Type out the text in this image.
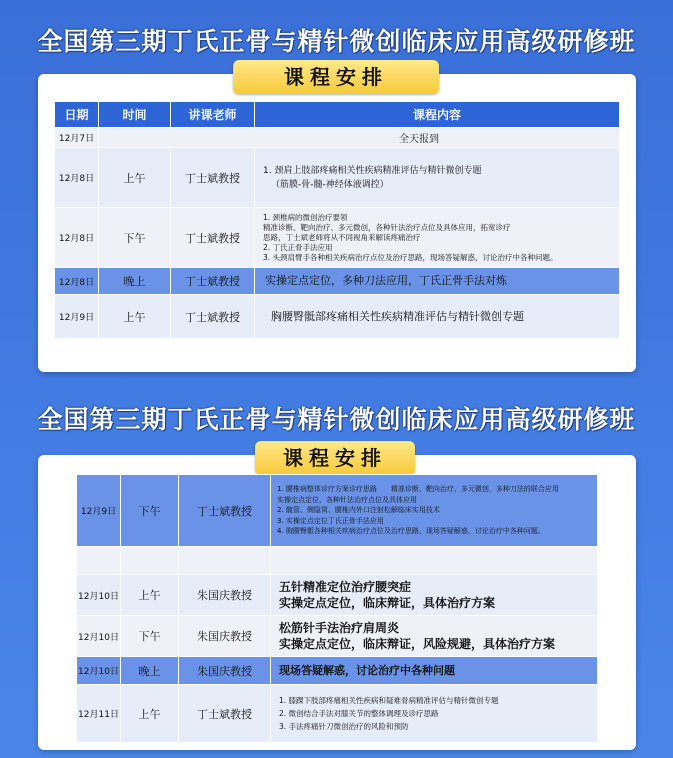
全国第三期丁氏正骨与精针微创临床应用高级研修班
课程安排
日期	时间	讲课老师	课程内容
12月7日	全天报到		
12月8日	上午	丁士斌教授	1. 颈肩上肢部疼痛相关性疾病精准评估与精针微创专题
（筋膜-骨-髓-神经体液调控）

12月8日	下午	丁士斌教授	1. 颈椎病的微创治疗要领
精准诊断、靶向治疗、多元微创，各种针法治疗点位及具体应用，拓宽诊疗
思路，丁士斌老师将从不同视角来解读疼痛治疗
2. 丁氏正骨手法应用
3. 头颈肩臂手各种相关疾病治疗点位及治疗思路，现场答疑解惑，讨论治疗中各种问题。

12月8日	晚上	丁士斌教授	实操定点定位，多种刀法应用，丁氏正骨手法对炼
12月9日	上午	丁士斌教授	胸腰臀骶部疼痛相关性疾病精准评估与精针微创专题
全国第三期丁氏正骨与精针微创临床应用高级研修班
课程安排
12月9日	下午	丁士斌教授	1. 腰椎病整体诊疗方案诊疗思路　　精准诊断、靶向治疗、多元微创，多种刀法的联合应用
实操定点定位，各种针法治疗点位及具体应用
2. 髋管、侧隐窝、腰椎内外口注射松解临床实用技术
3. 实操定点定位丁氏正骨手法应用
4. 胸腰臀骶各种相关疾病治疗点位及治疗思路，现场答疑解惑，讨论治疗中各种问题。

12月10日	上午	朱国庆教授	五针精准定位治疗腰突症
实操定点定位，临床辩证，具体治疗方案

12月10日	下午	朱国庆教授	松筋针手法治疗肩周炎
实操定点定位，临床辩证，风险规避，具体治疗方案

12月10日	晚上	朱国庆教授	现场答疑解惑，讨论治疗中各种问题
12月11日	上午	丁士斌教授	1. 膝踝下肢部疼痛相关性疾病和疑难骨病精准评估与精针微创专题
2. 微创结合手法对膝关节的整体调理及诊疗思路
3. 手法疼痛针刀微创治疗的风险和预防
